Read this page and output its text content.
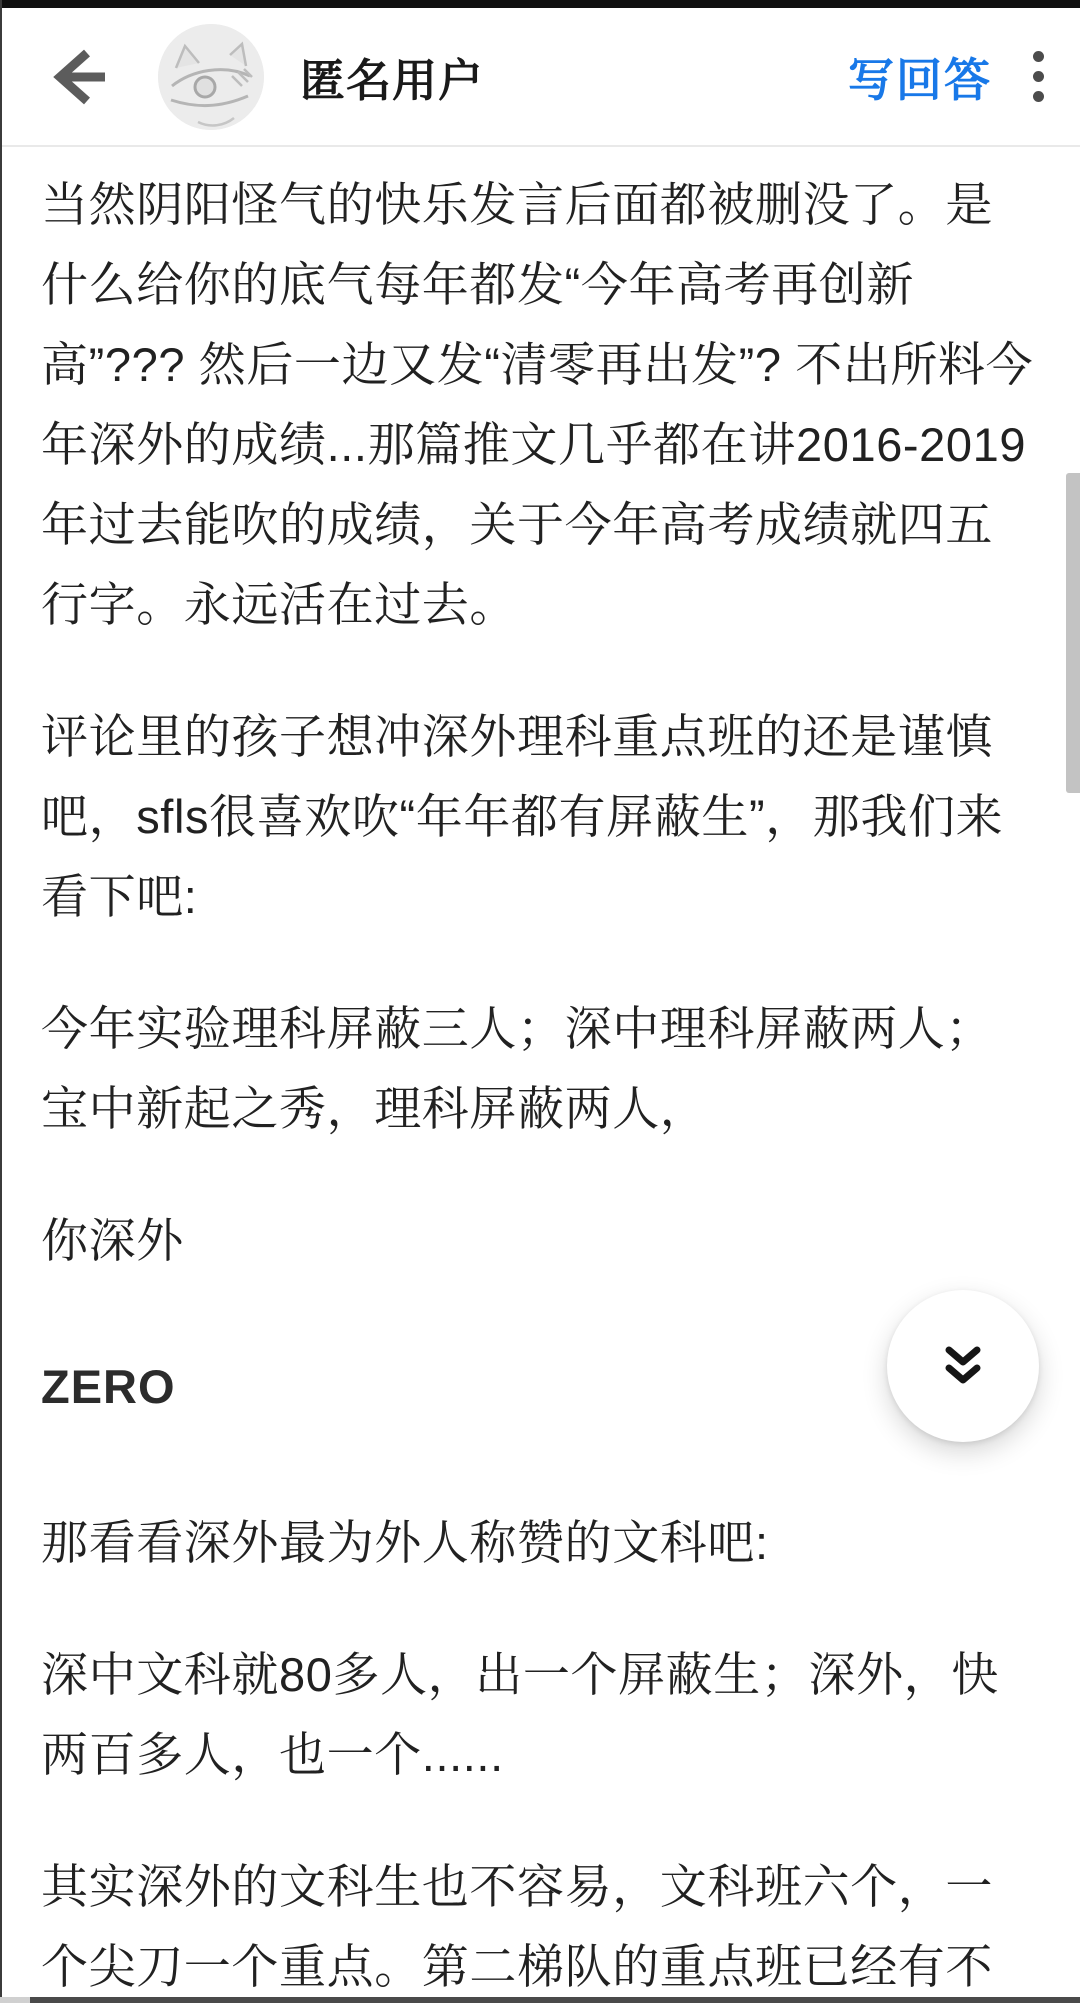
匿名用户	写回答
当然阴阳怪气的快乐发言后面都被删没了。是
什么给你的底气每年都发“今年高考再创新
高”??? 然后一边又发“清零再出发”? 不出所料今
年深外的成绩...那篇推文几乎都在讲2016-2019
年过去能吹的成绩，关于今年高考成绩就四五
行字。永远活在过去。
评论里的孩子想冲深外理科重点班的还是谨慎
吧，sfls很喜欢吹“年年都有屏蔽生”，那我们来
看下吧:
今年实验理科屏蔽三人；深中理科屏蔽两人；
宝中新起之秀，理科屏蔽两人，
你深外
ZERO
那看看深外最为外人称赞的文科吧:
深中文科就80多人，出一个屏蔽生；深外，快
两百多人，也一个......
其实深外的文科生也不容易，文科班六个，一
个尖刀一个重点。第二梯队的重点班已经有不
